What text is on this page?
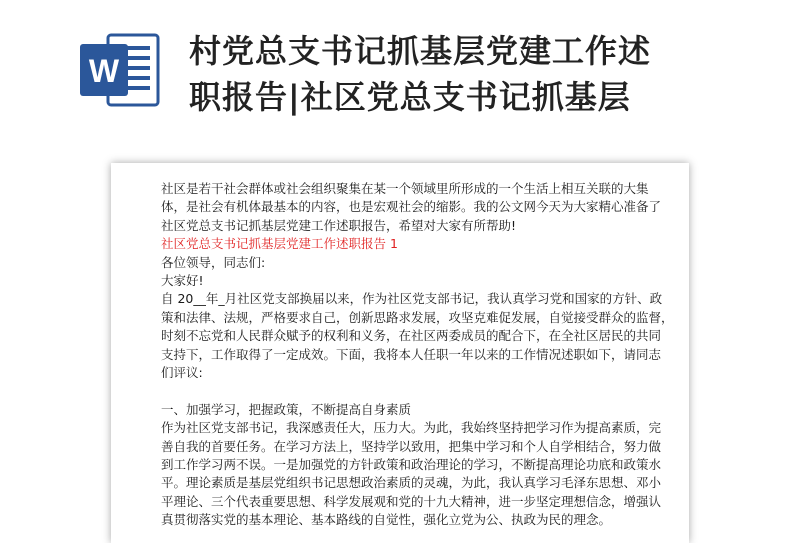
W
村党总支书记抓基层党建工作述
职报告|社区党总支书记抓基层
社区是若干社会群体或社会组织聚集在某一个领域里所形成的一个生活上相互关联的大集
体，是社会有机体最基本的内容，也是宏观社会的缩影。我的公文网今天为大家精心准备了
社区党总支书记抓基层党建工作述职报告，希望对大家有所帮助!
社区党总支书记抓基层党建工作述职报告 1
各位领导，同志们:
大家好!
自 20__年_月社区党支部换届以来，作为社区党支部书记，我认真学习党和国家的方针、政
策和法律、法规，严格要求自己，创新思路求发展，攻坚克难促发展，自觉接受群众的监督，
时刻不忘党和人民群众赋予的权利和义务，在社区两委成员的配合下，在全社区居民的共同
支持下，工作取得了一定成效。下面，我将本人任职一年以来的工作情况述职如下，请同志
们评议:
一、加强学习，把握政策，不断提高自身素质
作为社区党支部书记，我深感责任大，压力大。为此，我始终坚持把学习作为提高素质，完
善自我的首要任务。在学习方法上，坚持学以致用，把集中学习和个人自学相结合，努力做
到工作学习两不误。一是加强党的方针政策和政治理论的学习，不断提高理论功底和政策水
平。理论素质是基层党组织书记思想政治素质的灵魂，为此，我认真学习毛泽东思想、邓小
平理论、三个代表重要思想、科学发展观和党的十九大精神，进一步坚定理想信念，增强认
真贯彻落实党的基本理论、基本路线的自觉性，强化立党为公、执政为民的理念。
